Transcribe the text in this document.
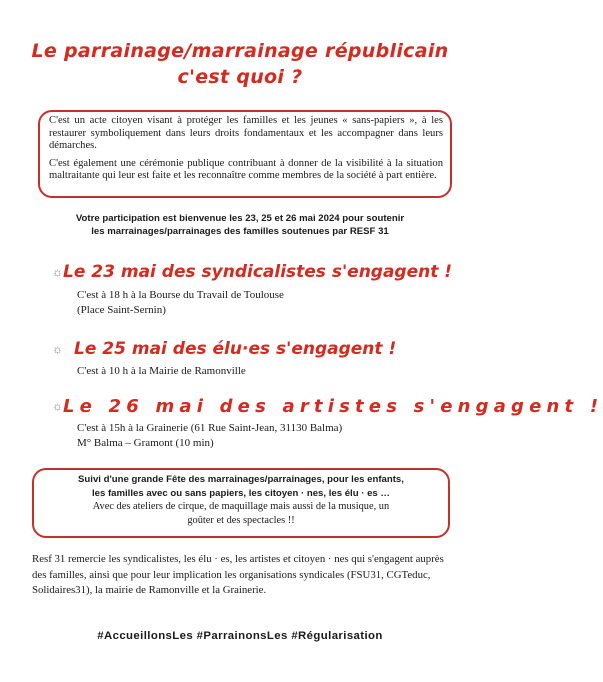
Le parrainage/marrainage républicain
c'est quoi ?

C'est un acte citoyen visant à protéger les familles et les jeunes « sans-papiers », à les restaurer symboliquement dans leurs droits fondamentaux et les accompagner dans leurs démarches.

C'est également une cérémonie publique contribuant à donner de la visibilité à la situation maltraitante qui leur est faite et les reconnaître comme membres de la société à part entière.

Votre participation est bienvenue les 23, 25 et 26 mai 2024 pour soutenir
les marrainages/parrainages des familles soutenues par RESF 31
☼ Le 23 mai des syndicalistes s'engagent !
C'est à 18 h à la Bourse du Travail de Toulouse
(Place Saint-Sernin)
☼ Le 25 mai des élu·es s'engagent !
C'est à 10 h à la Mairie de Ramonville
☼ Le 26 mai des artistes s'engagent !
C'est à 15h à la Grainerie (61 Rue Saint-Jean, 31130 Balma)
M° Balma – Gramont (10 min)
Suivi d'une grande Fête des marrainages/parrainages, pour les enfants,
les familles avec ou sans papiers, les citoyen · nes, les élu · es …
Avec des ateliers de cirque, de maquillage mais aussi de la musique, un
goûter et des spectacles !!
Resf 31 remercie les syndicalistes, les élu · es, les artistes et citoyen · nes qui s'engagent auprès des familles, ainsi que pour leur implication les organisations syndicales (FSU31, CGTeduc, Solidaires31), la mairie de Ramonville et la Grainerie.
#AccueillonsLes #ParrainonsLes #Régularisation
